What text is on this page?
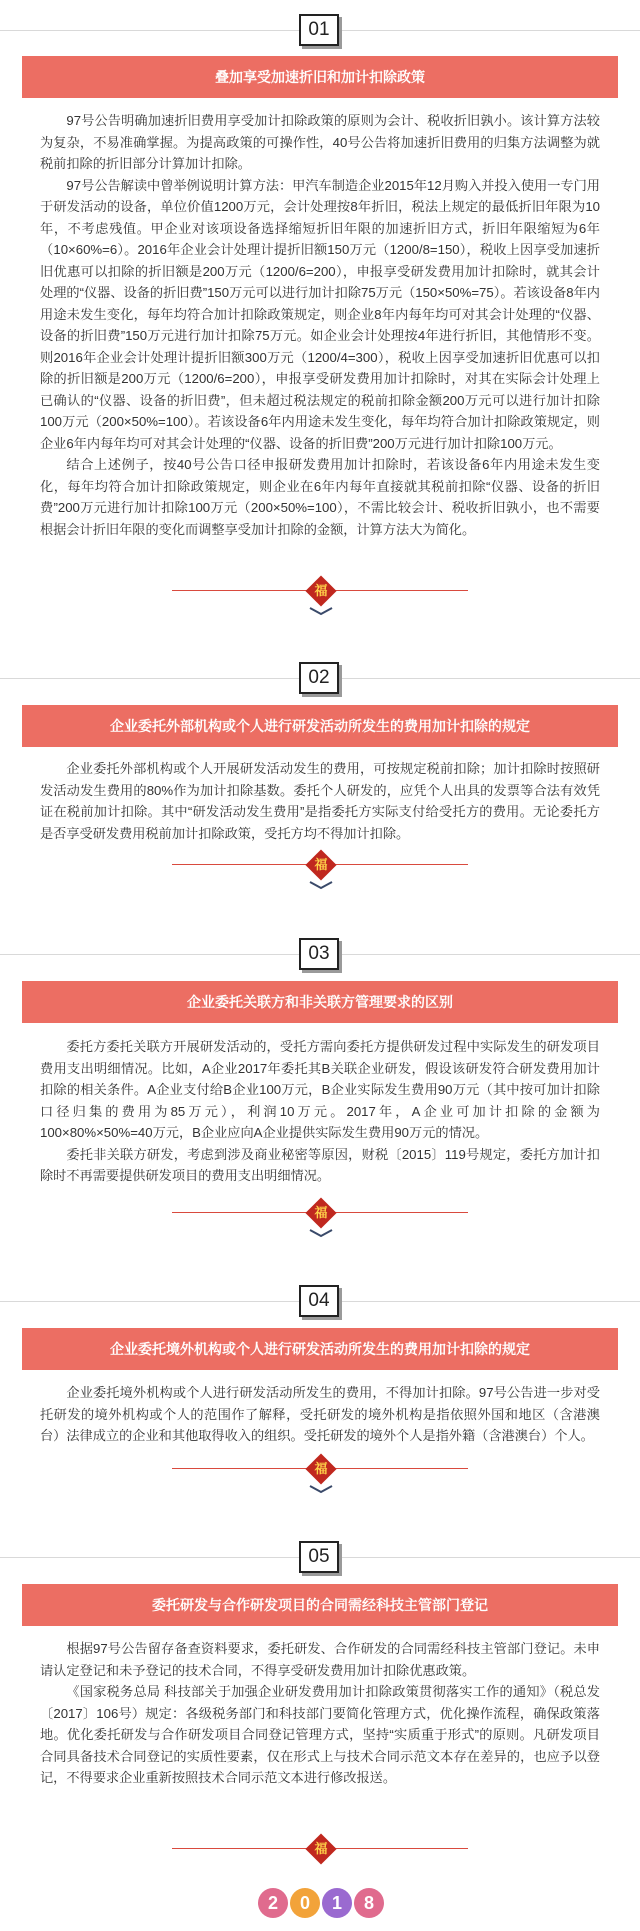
01
叠加享受加速折旧和加计扣除政策

97号公告明确加速折旧费用享受加计扣除政策的原则为会计、税收折旧孰小。该计算方法较为复杂，不易准确掌握。为提高政策的可操作性，40号公告将加速折旧费用的归集方法调整为就税前扣除的折旧部分计算加计扣除。

97号公告解读中曾举例说明计算方法：甲汽车制造企业2015年12月购入并投入使用一专门用于研发活动的设备，单位价值1200万元，会计处理按8年折旧，税法上规定的最低折旧年限为10年，不考虑残值。甲企业对该项设备选择缩短折旧年限的加速折旧方式，折旧年限缩短为6年（10×60%=6）。2016年企业会计处理计提折旧额150万元（1200/8=150），税收上因享受加速折旧优惠可以扣除的折旧额是200万元（1200/6=200），申报享受研发费用加计扣除时，就其会计处理的“仪器、设备的折旧费”150万元可以进行加计扣除75万元（150×50%=75）。若该设备8年内用途未发生变化，每年均符合加计扣除政策规定，则企业8年内每年均可对其会计处理的“仪器、设备的折旧费”150万元进行加计扣除75万元。如企业会计处理按4年进行折旧，其他情形不变。则2016年企业会计处理计提折旧额300万元（1200/4=300），税收上因享受加速折旧优惠可以扣除的折旧额是200万元（1200/6=200），申报享受研发费用加计扣除时，对其在实际会计处理上已确认的“仪器、设备的折旧费”，但未超过税法规定的税前扣除金额200万元可以进行加计扣除100万元（200×50%=100）。若该设备6年内用途未发生变化，每年均符合加计扣除政策规定，则企业6年内每年均可对其会计处理的“仪器、设备的折旧费”200万元进行加计扣除100万元。

结合上述例子，按40号公告口径申报研发费用加计扣除时，若该设备6年内用途未发生变化，每年均符合加计扣除政策规定，则企业在6年内每年直接就其税前扣除“仪器、设备的折旧费”200万元进行加计扣除100万元（200×50%=100），不需比较会计、税收折旧孰小，也不需要根据会计折旧年限的变化而调整享受加计扣除的金额，计算方法大为简化。

福
02
企业委托外部机构或个人进行研发活动所发生的费用加计扣除的规定

企业委托外部机构或个人开展研发活动发生的费用，可按规定税前扣除；加计扣除时按照研发活动发生费用的80%作为加计扣除基数。委托个人研发的，应凭个人出具的发票等合法有效凭证在税前加计扣除。其中“研发活动发生费用”是指委托方实际支付给受托方的费用。无论委托方是否享受研发费用税前加计扣除政策，受托方均不得加计扣除。

福
03
企业委托关联方和非关联方管理要求的区别

委托方委托关联方开展研发活动的，受托方需向委托方提供研发过程中实际发生的研发项目费用支出明细情况。比如，A企业2017年委托其B关联企业研发，假设该研发符合研发费用加计扣除的相关条件。A企业支付给B企业100万元，B企业实际发生费用90万元（其中按可加计扣除口径归集的费用为85万元），利润10万元。2017年，A企业可加计扣除的金额为100×80%×50%=40万元，B企业应向A企业提供实际发生费用90万元的情况。

委托非关联方研发，考虑到涉及商业秘密等原因，财税〔2015〕119号规定，委托方加计扣除时不再需要提供研发项目的费用支出明细情况。

福
04
企业委托境外机构或个人进行研发活动所发生的费用加计扣除的规定

企业委托境外机构或个人进行研发活动所发生的费用，不得加计扣除。97号公告进一步对受托研发的境外机构或个人的范围作了解释，受托研发的境外机构是指依照外国和地区（含港澳台）法律成立的企业和其他取得收入的组织。受托研发的境外个人是指外籍（含港澳台）个人。

福
05
委托研发与合作研发项目的合同需经科技主管部门登记

根据97号公告留存备查资料要求，委托研发、合作研发的合同需经科技主管部门登记。未申请认定登记和未予登记的技术合同，不得享受研发费用加计扣除优惠政策。

《国家税务总局 科技部关于加强企业研发费用加计扣除政策贯彻落实工作的通知》（税总发〔2017〕106号）规定：各级税务部门和科技部门要简化管理方式，优化操作流程，确保政策落地。优化委托研发与合作研发项目合同登记管理方式，坚持“实质重于形式”的原则。凡研发项目合同具备技术合同登记的实质性要素，仅在形式上与技术合同示范文本存在差异的，也应予以登记，不得要求企业重新按照技术合同示范文本进行修改报送。

福
2	0	1	8
